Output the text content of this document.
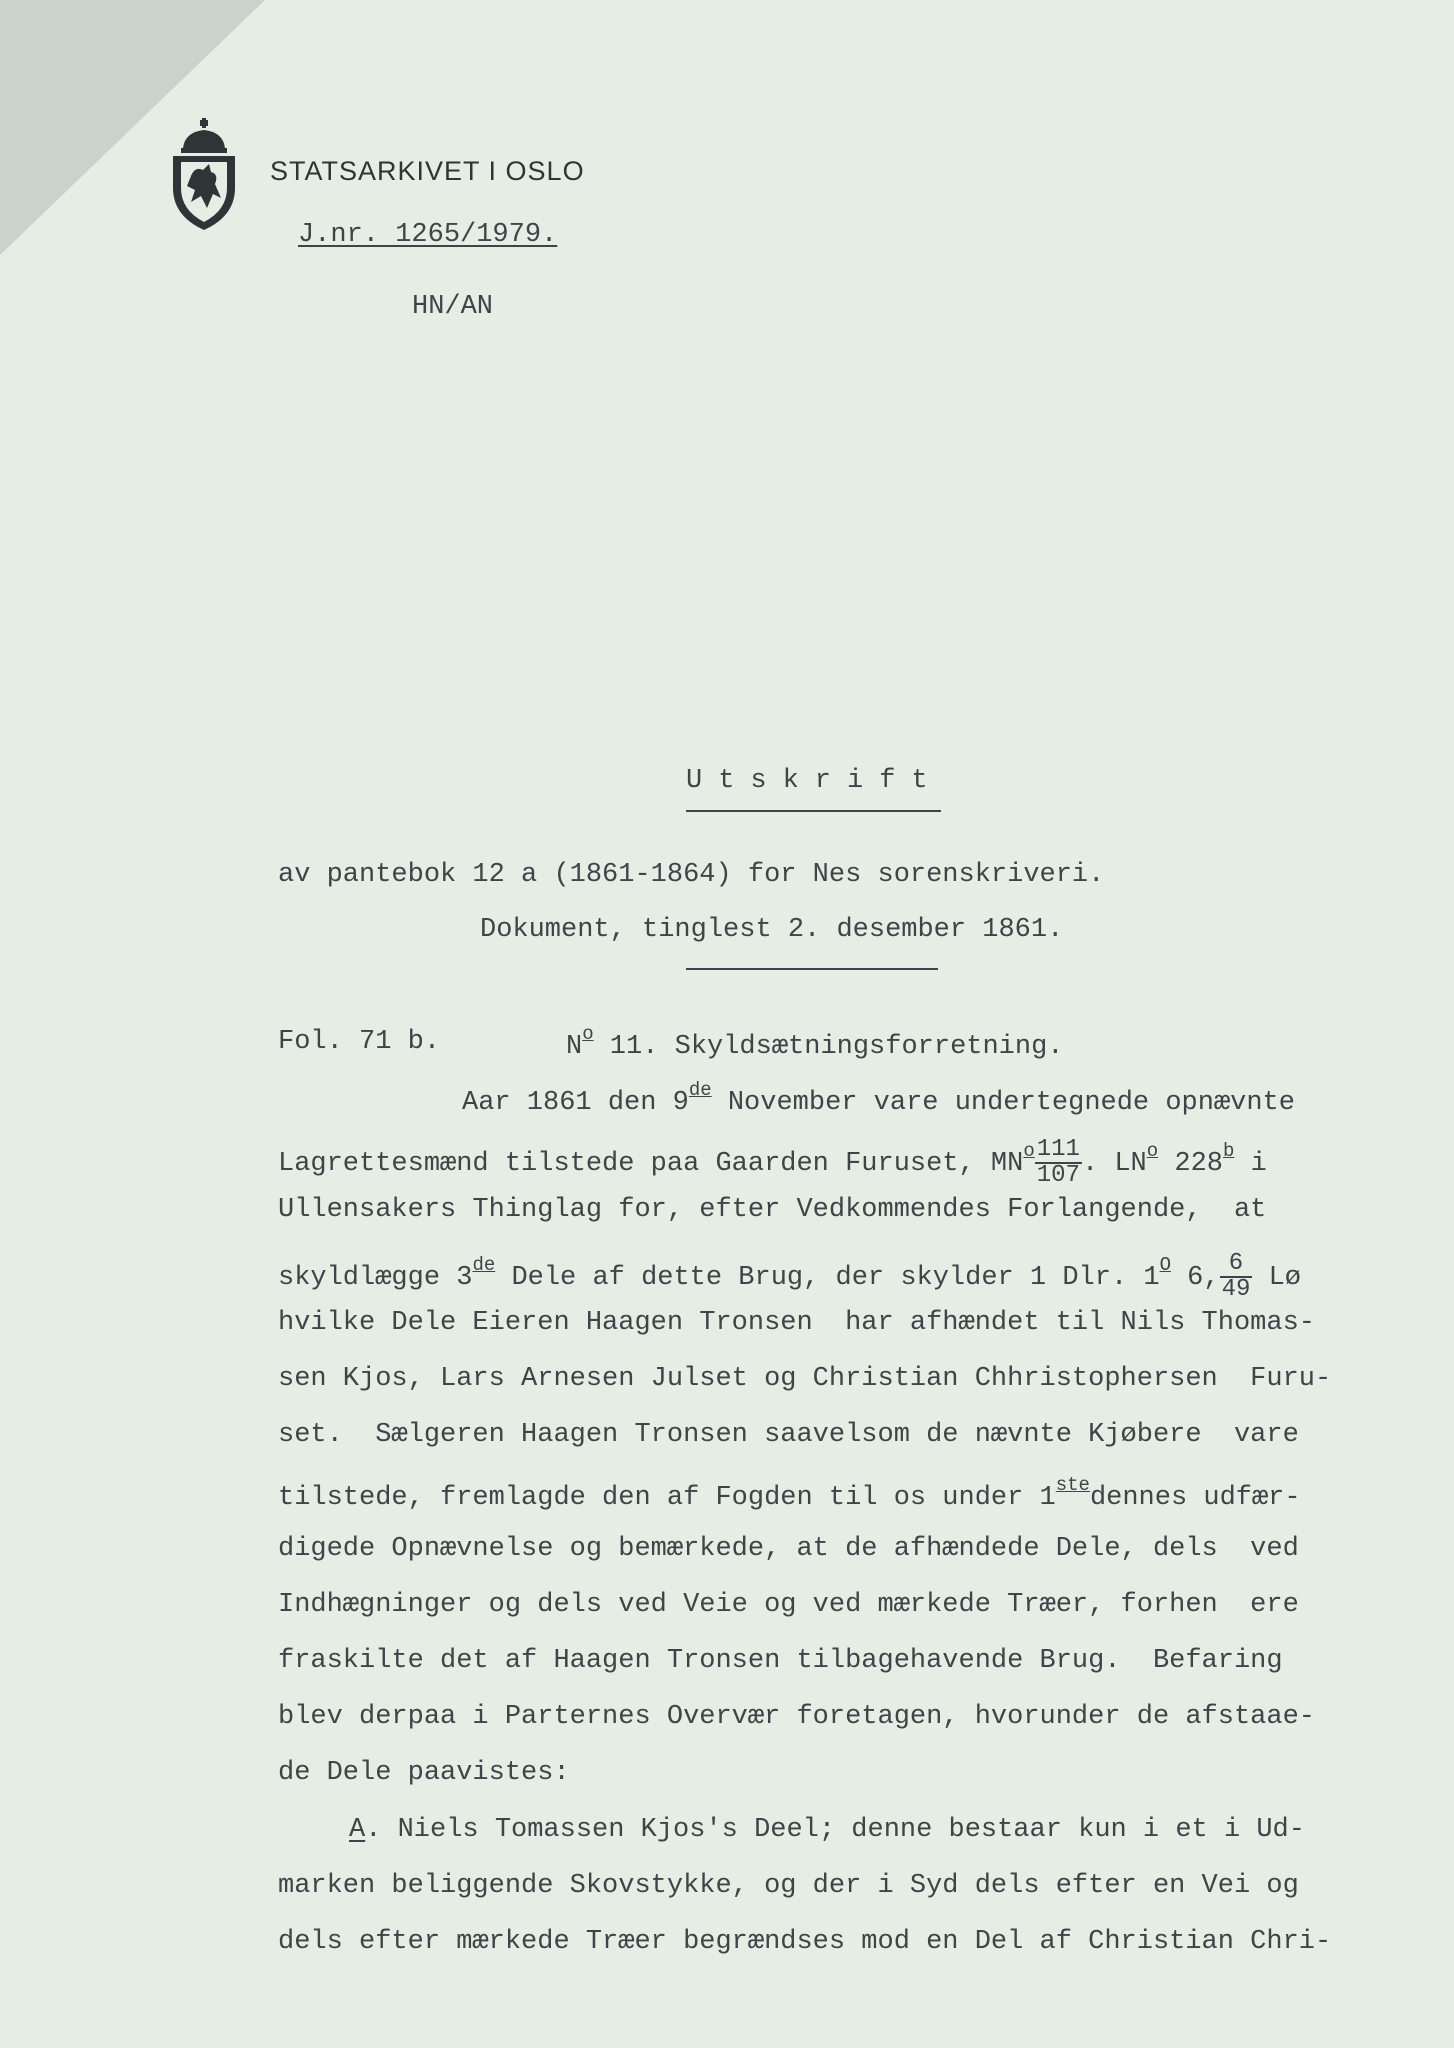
STATSARKIVET I OSLO
J.nr. 1265/1979.
HN/AN
Utskrift
av pantebok 12 a (1861-1864) for Nes sorenskriveri.
Dokument, tinglest 2. desember 1861.
Fol. 71 b.	$N^o$ 11. Skyldsætningsforretning.
Aar 1861 den 9de November vare undertegnede opnævnte
Lagrettesmænd tilstede paa Gaarden Furuset, $MN^o \frac{111}{107}$ . $LN^o$ 228$^b$ i
Ullensakers Thinglag for, efter Vedkommendes Forlangende,  at
skyldlægge 3de Dele af dette Brug, der skylder 1 Dlr. $1^O$ 6, $\frac{6}{49}$ Lø
hvilke Dele Eieren Haagen Tronsen  har afhændet til Nils Thomas-
sen Kjos, Lars Arnesen Julset og Christian Chhristophersen  Furu-
set.  Sælgeren Haagen Tronsen saavelsom de nævnte Kjøbere  vare
tilstede, fremlagde den af Fogden til os under 1stedennes udfær-
digede Opnævnelse og bemærkede, at de afhændede Dele, dels  ved
Indhægninger og dels ved Veie og ved mærkede Træer, forhen  ere
fraskilte det af Haagen Tronsen tilbagehavende Brug.  Befaring
blev derpaa i Parternes Overvær foretagen, hvorunder de afstaae-
de Dele paavistes:
A. Niels Tomassen Kjos's Deel; denne bestaar kun i et i Ud-
marken beliggende Skovstykke, og der i Syd dels efter en Vei og
dels efter mærkede Træer begrændses mod en Del af Christian Chri-
